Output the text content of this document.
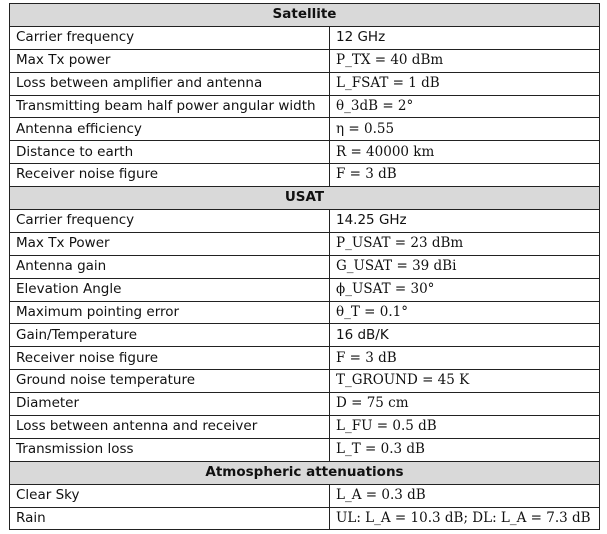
Satellite	
Carrier frequency	12 GHz
Max Tx power	P_TX = 40 dBm
Loss between amplifier and antenna	L_FSAT = 1 dB
Transmitting beam half power angular width	θ_3dB = 2°
Antenna efficiency	η = 0.55
Distance to earth	R = 40000 km
Receiver noise figure	F = 3 dB
USAT	
Carrier frequency	14.25 GHz
Max Tx Power	P_USAT = 23 dBm
Antenna gain	G_USAT = 39 dBi
Elevation Angle	ϕ_USAT = 30°
Maximum pointing error	θ_T = 0.1°
Gain/Temperature	16 dB/K
Receiver noise figure	F = 3 dB
Ground noise temperature	T_GROUND = 45 K
Diameter	D = 75 cm
Loss between antenna and receiver	L_FU = 0.5 dB
Transmission loss	L_T = 0.3 dB
Atmospheric attenuations	
Clear Sky	L_A = 0.3 dB
Rain	UL: L_A = 10.3 dB; DL: L_A = 7.3 dB
